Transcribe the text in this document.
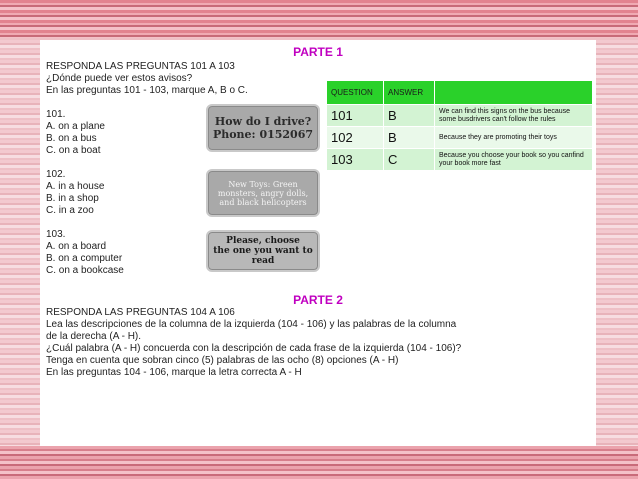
PARTE 1
RESPONDA LAS PREGUNTAS 101 A 103
¿Dónde puede ver estos avisos?
En las preguntas 101 - 103, marque A, B o C.
101.
A. on a plane
B. on a bus
C. on a boat
102.
A. in a house
B. in a shop
C. in a zoo
103.
A. on a board
B. on a computer
C. on a bookcase
How do I drive?
Phone: 0152067
New Toys: Green
monsters, angry dolls,
and black helicopters
Please, choose
the one you want to read
QUESTION	ANSWER	
101	B	We can find this signs on the bus because some busdrivers can't follow the rules
102	B	Because they are promoting their toys
103	C	Because you choose your book so you canfind your book more fast
PARTE 2
RESPONDA LAS PREGUNTAS 104 A 106
Lea las descripciones de la columna de la izquierda (104 - 106) y las palabras de la columna
de la derecha (A - H).
¿Cuál palabra (A - H) concuerda con la descripción de cada frase de la izquierda (104 - 106)?
Tenga en cuenta que sobran cinco (5) palabras de las ocho (8) opciones (A - H)
En las preguntas 104 - 106, marque la letra correcta A - H
